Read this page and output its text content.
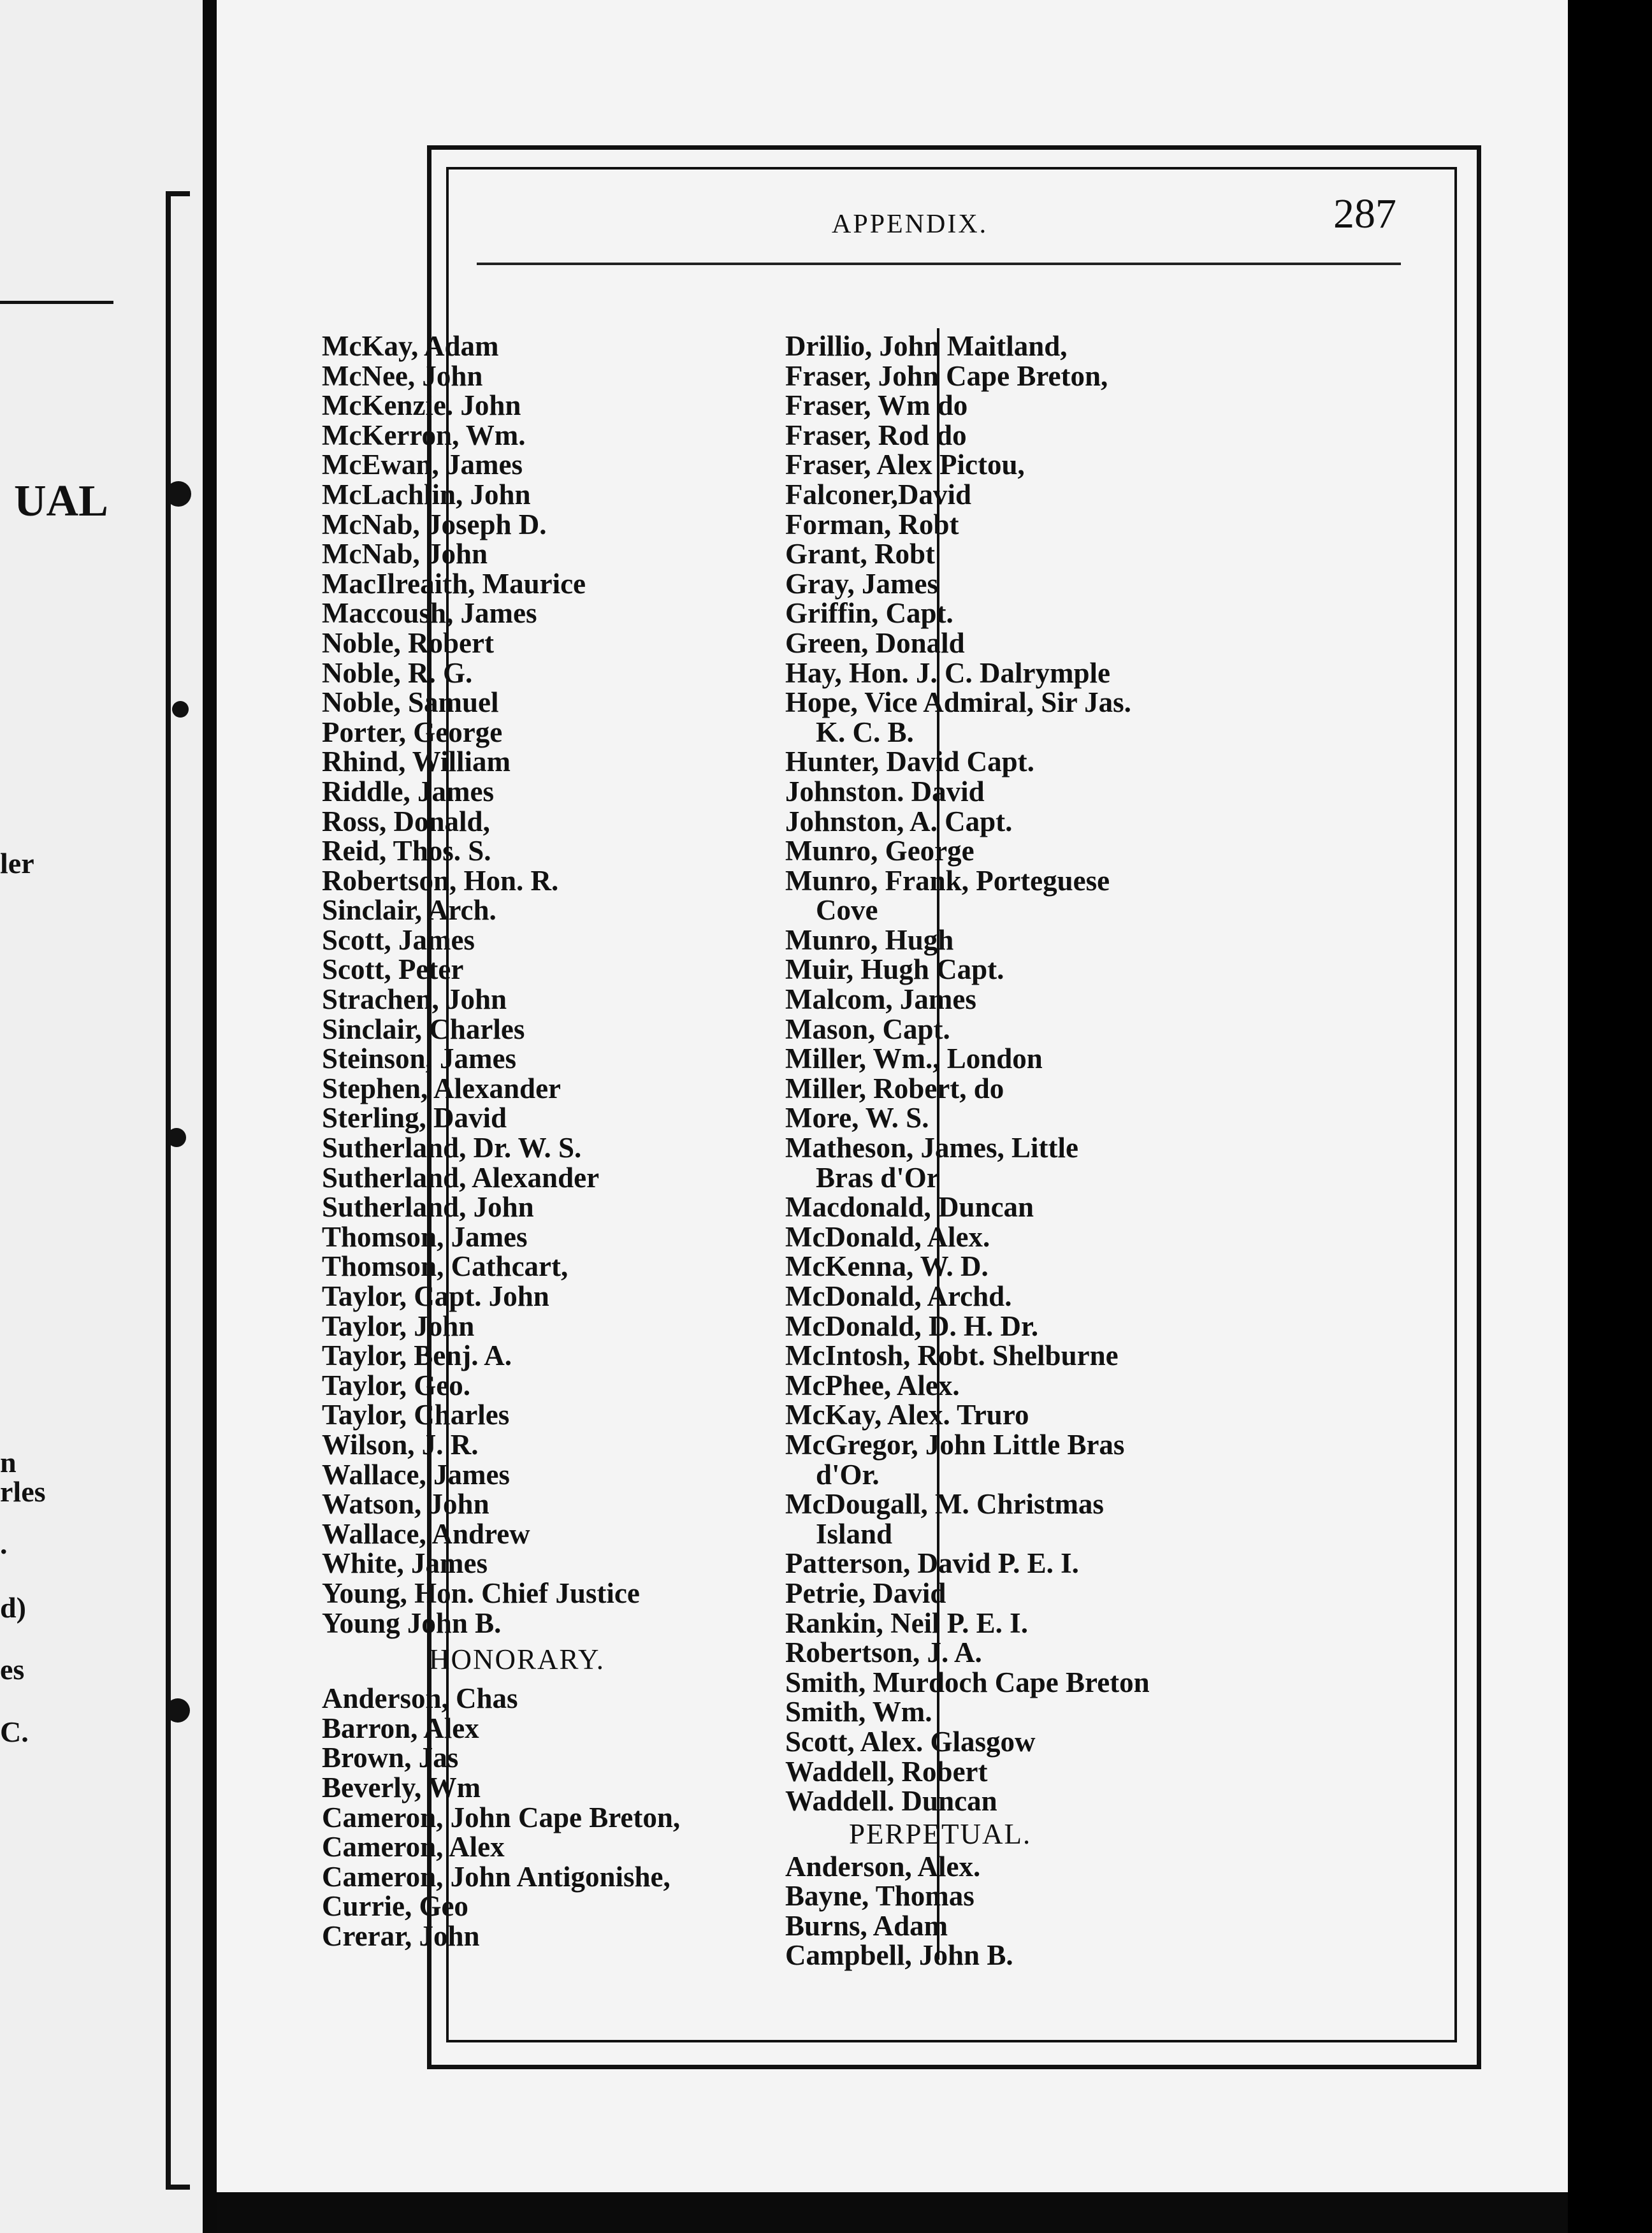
UAL
ler
n
rles
.
d)
es
C.
APPENDIX.	287
McKay, Adam
McNee, John
McKenzie. John
McKerron, Wm.
McEwan, James
McLachlin, John
McNab, Joseph D.
McNab, John
MacIlreaith, Maurice
Maccoush, James
Noble, Robert
Noble, R. G.
Noble, Samuel
Porter, George
Rhind, William
Riddle, James
Ross, Donald,
Reid, Thos. S.
Robertson, Hon. R.
Sinclair, Arch.
Scott, James
Scott, Peter
Strachen, John
Sinclair, Charles
Steinson, James
Stephen, Alexander
Sterling, David
Sutherland, Dr. W. S.
Sutherland, Alexander
Sutherland, John
Thomson, James
Thomson, Cathcart,
Taylor, Capt. John
Taylor, John
Taylor, Benj. A.
Taylor, Geo.
Taylor, Charles
Wilson, J. R.
Wallace, James
Watson, John
Wallace, Andrew
White, James
Young, Hon. Chief Justice
Young John B.
HONORARY.
Anderson, Chas
Barron, Alex
Brown, Jas
Beverly, Wm
Cameron, John Cape Breton,
Cameron, Alex
Cameron, John Antigonishe,
Currie, Geo
Crerar, John
Drillio, John Maitland,
Fraser, John Cape Breton,
Fraser, Wm do
Fraser, Rod do
Fraser, Alex Pictou,
Falconer,David
Forman, Robt
Grant, Robt
Gray, James
Griffin, Capt.
Green, Donald
Hay, Hon. J. C. Dalrymple
Hope, Vice Admiral, Sir Jas.
K. C. B.
Hunter, David Capt.
Johnston. David
Johnston, A. Capt.
Munro, George
Munro, Frank, Porteguese
Cove
Munro, Hugh
Muir, Hugh Capt.
Malcom, James
Mason, Capt.
Miller, Wm., London
Miller, Robert, do
More, W. S.
Matheson, James, Little
Bras d'Or
Macdonald, Duncan
McDonald, Alex.
McKenna, W. D.
McDonald, Archd.
McDonald, D. H. Dr.
McIntosh, Robt. Shelburne
McPhee, Alex.
McKay, Alex. Truro
McGregor, John Little Bras
d'Or.
McDougall, M. Christmas
Island
Patterson, David P. E. I.
Petrie, David
Rankin, Neil P. E. I.
Robertson, J. A.
Smith, Murdoch Cape Breton
Smith, Wm.
Scott, Alex. Glasgow
Waddell, Robert
Waddell. Duncan
PERPETUAL.
Anderson, Alex.
Bayne, Thomas
Burns, Adam
Campbell, John B.
